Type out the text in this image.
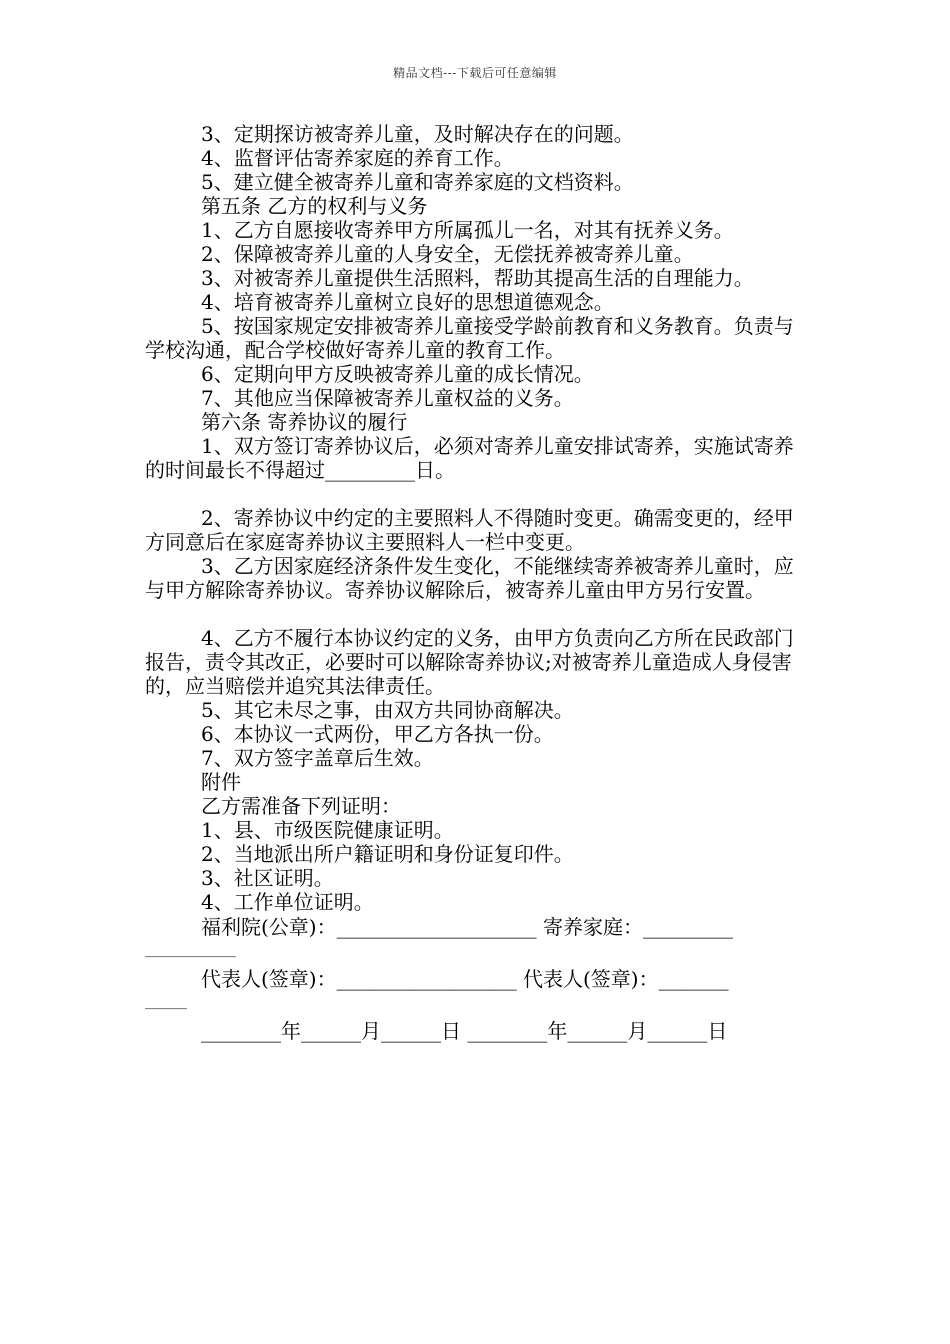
精品文档---下载后可任意编辑
3、定期探访被寄养儿童，及时解决存在的问题。
4、监督评估寄养家庭的养育工作。
5、建立健全被寄养儿童和寄养家庭的文档资料。
第五条 乙方的权利与义务
1、乙方自愿接收寄养甲方所属孤儿一名，对其有抚养义务。
2、保障被寄养儿童的人身安全，无偿抚养被寄养儿童。
3、对被寄养儿童提供生活照料，帮助其提高生活的自理能力。
4、培育被寄养儿童树立良好的思想道德观念。
5、按国家规定安排被寄养儿童接受学龄前教育和义务教育。负责与学校沟通，配合学校做好寄养儿童的教育工作。
6、定期向甲方反映被寄养儿童的成长情况。
7、其他应当保障被寄养儿童权益的义务。
第六条 寄养协议的履行
1、双方签订寄养协议后，必须对寄养儿童安排试寄养，实施试寄养的时间最长不得超过_________日。
2、寄养协议中约定的主要照料人不得随时变更。确需变更的，经甲方同意后在家庭寄养协议主要照料人一栏中变更。
3、乙方因家庭经济条件发生变化，不能继续寄养被寄养儿童时，应与甲方解除寄养协议。寄养协议解除后，被寄养儿童由甲方另行安置。
4、乙方不履行本协议约定的义务，由甲方负责向乙方所在民政部门报告，责令其改正，必要时可以解除寄养协议;对被寄养儿童造成人身侵害的，应当赔偿并追究其法律责任。
5、其它未尽之事，由双方共同协商解决。
6、本协议一式两份，甲乙方各执一份。
7、双方签字盖章后生效。
附件
乙方需准备下列证明：
1、县、市级医院健康证明。
2、当地派出所户籍证明和身份证复印件。
3、社区证明。
4、工作单位证明。
福利院(公章)：____________________ 寄养家庭：_________
_____________
代表人(签章)：__________________ 代表人(签章)：_______
______
________年______月______日 ________年______月______日
